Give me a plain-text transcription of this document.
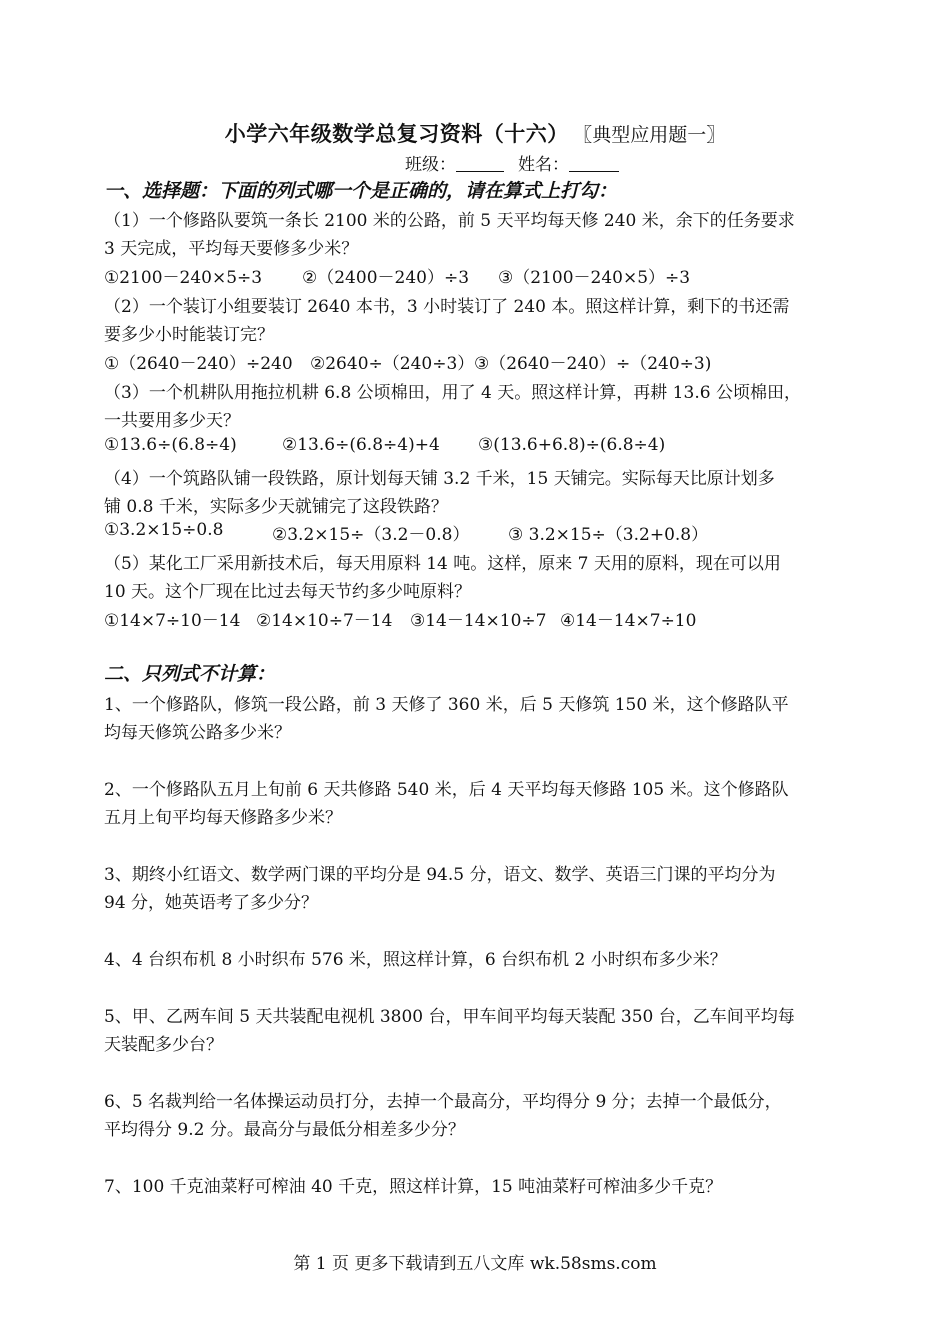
小学六年级数学总复习资料（十六） 〖典型应用题一〗
班级：	姓名：
一、选择题：下面的列式哪一个是正确的，请在算式上打勾：
（1）一个修路队要筑一条长 2100 米的公路，前 5 天平均每天修 240 米，余下的任务要求
3 天完成，平均每天要修多少米？
①2100－240×5÷3 ②（2400－240）÷3 ③（2100－240×5）÷3
（2）一个装订小组要装订 2640 本书，3 小时装订了 240 本。照这样计算，剩下的书还需
要多少小时能装订完？
①（2640－240）÷240 ②2640÷（240÷3） ③（2640－240）÷（240÷3)
（3）一个机耕队用拖拉机耕 6.8 公顷棉田，用了 4 天。照这样计算，再耕 13.6 公顷棉田，
一共要用多少天？
①13.6÷(6.8÷4)	②13.6÷(6.8÷4)+4 ③(13.6+6.8)÷(6.8÷4)
（4）一个筑路队铺一段铁路，原计划每天铺 3.2 千米，15 天铺完。实际每天比原计划多
铺 0.8 千米，实际多少天就铺完了这段铁路？
①3.2×15÷0.8	②3.2×15÷（3.2－0.8） ③ 3.2×15÷（3.2+0.8）
（5）某化工厂采用新技术后，每天用原料 14 吨。这样，原来 7 天用的原料，现在可以用
10 天。这个厂现在比过去每天节约多少吨原料？
①14×7÷10－14 ②14×10÷7－14 ③14－14×10÷7 ④14－14×7÷10
二、只列式不计算：
1、一个修路队，修筑一段公路，前 3 天修了 360 米，后 5 天修筑 150 米，这个修路队平
均每天修筑公路多少米？
2、一个修路队五月上旬前 6 天共修路 540 米，后 4 天平均每天修路 105 米。这个修路队
五月上旬平均每天修路多少米？
3、期终小红语文、数学两门课的平均分是 94.5 分，语文、数学、英语三门课的平均分为
94 分，她英语考了多少分？
4、4 台织布机 8 小时织布 576 米，照这样计算，6 台织布机 2 小时织布多少米？
5、甲、乙两车间 5 天共装配电视机 3800 台，甲车间平均每天装配 350 台，乙车间平均每
天装配多少台？
6、5 名裁判给一名体操运动员打分，去掉一个最高分，平均得分 9 分；去掉一个最低分，
平均得分 9.2 分。最高分与最低分相差多少分？
7、100 千克油菜籽可榨油 40 千克，照这样计算，15 吨油菜籽可榨油多少千克？
第 1 页 更多下载请到五八文库 wk.58sms.com
